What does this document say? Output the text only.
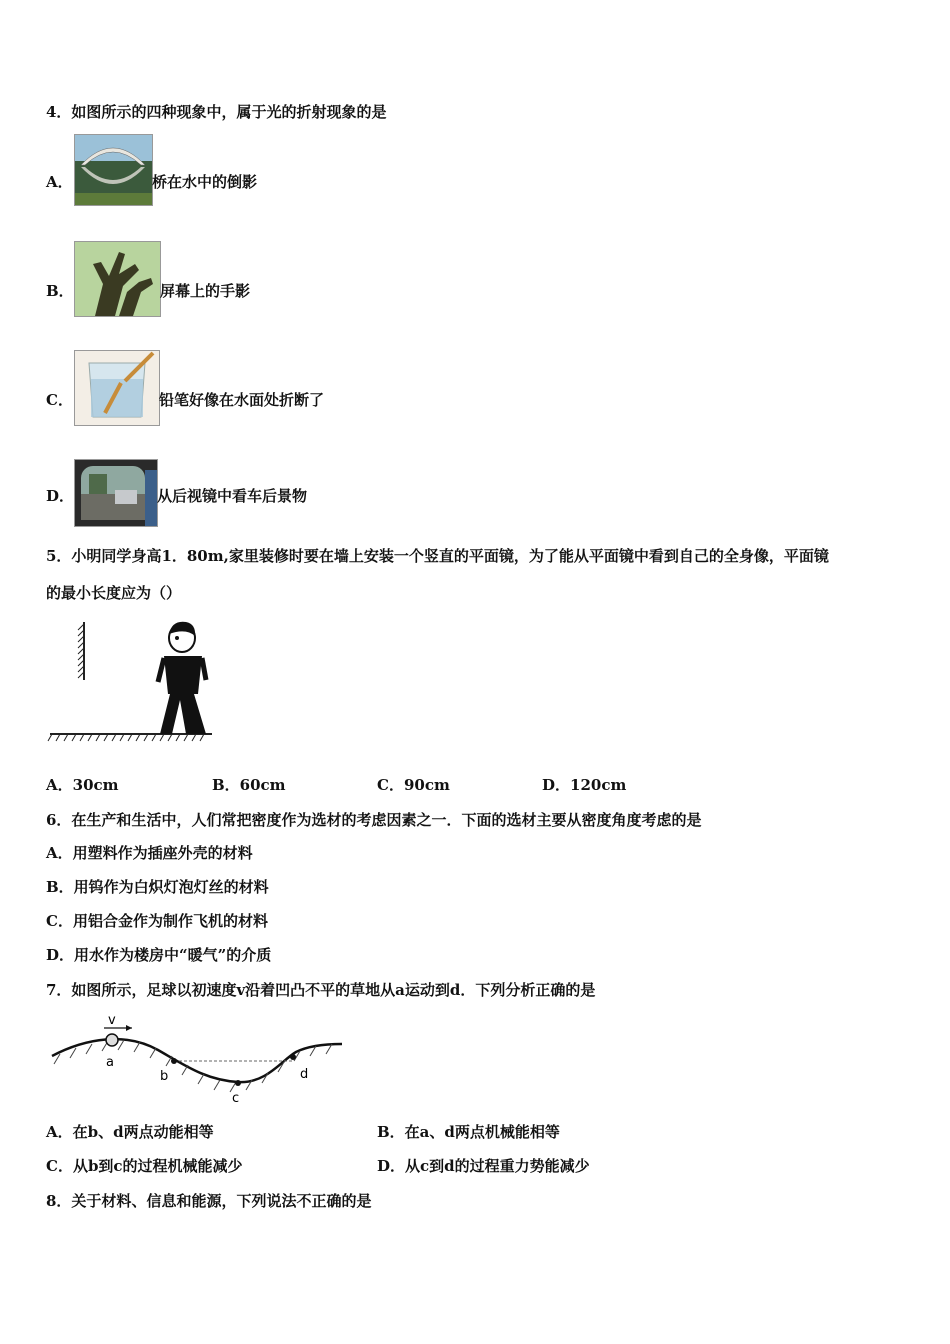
4．如图所示的四种现象中，属于光的折射现象的是
A．	桥在水中的倒影
B．	屏幕上的手影
C．	铅笔好像在水面处折断了
D．	从后视镜中看车后景物
5．小明同学身高1．80m,家里装修时要在墙上安装一个竖直的平面镜，为了能从平面镜中看到自己的全身像，平面镜
的最小长度应为（）
A．30cm	B．60cm	C．90cm	D．120cm
6．在生产和生活中，人们常把密度作为选材的考虑因素之一．下面的选材主要从密度角度考虑的是
A．用塑料作为插座外壳的材料
B．用钨作为白炽灯泡灯丝的材料
C．用铝合金作为制作飞机的材料
D．用水作为楼房中“暖气”的介质
7．如图所示，足球以初速度v沿着凹凸不平的草地从a运动到d．下列分析正确的是
v
a
b
c
d
A．在b、d两点动能相等	B．在a、d两点机械能相等
C．从b到c的过程机械能减少	D．从c到d的过程重力势能减少
8．关于材料、信息和能源，下列说法不正确的是
